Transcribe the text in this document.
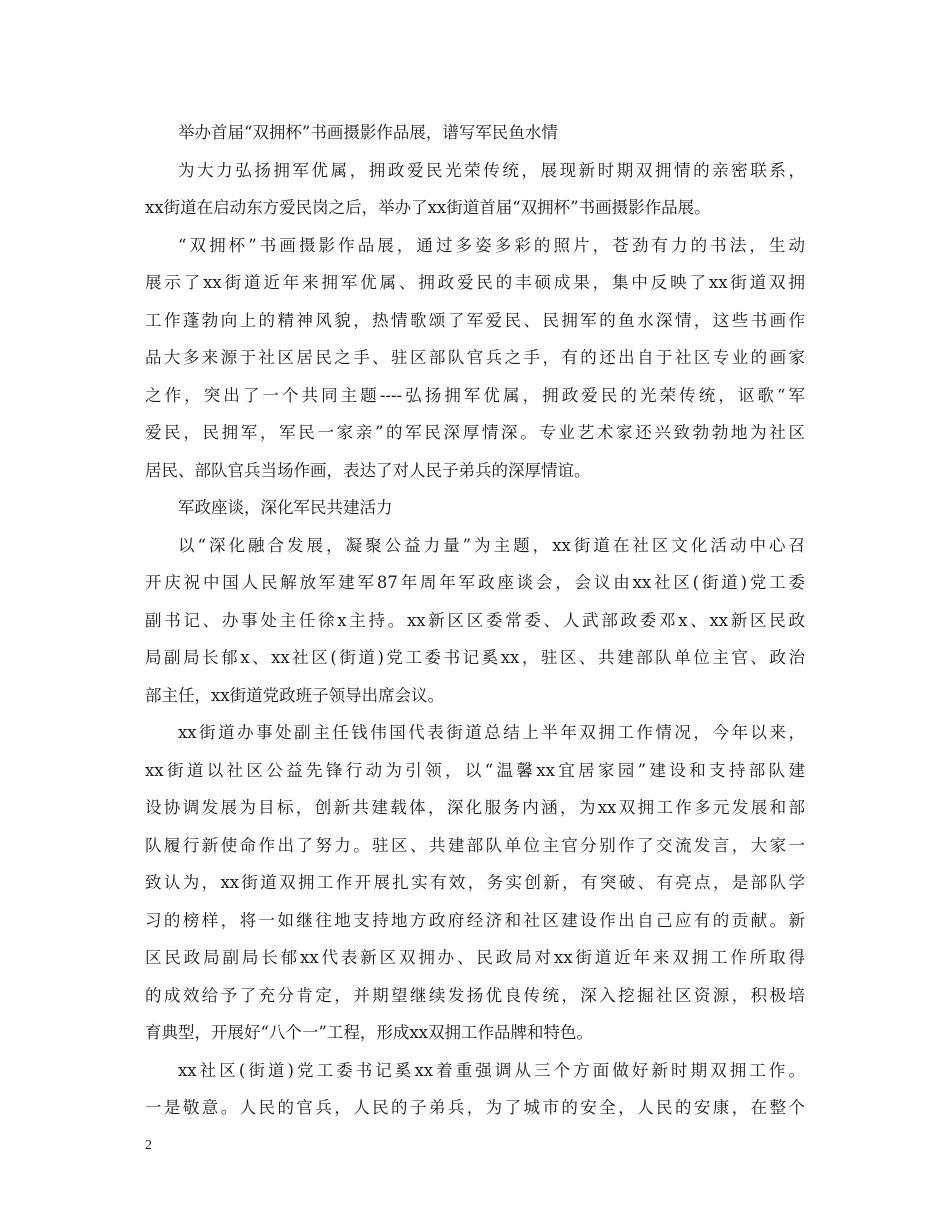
举办首届“双拥杯”书画摄影作品展，谱写军民鱼水情
为大力弘扬拥军优属，拥政爱民光荣传统，展现新时期双拥情的亲密联系，
xx街道在启动东方爱民岗之后，举办了xx街道首届“双拥杯”书画摄影作品展。
“双拥杯”书画摄影作品展，通过多姿多彩的照片，苍劲有力的书法，生动
展示了xx街道近年来拥军优属、拥政爱民的丰硕成果，集中反映了xx街道双拥
工作蓬勃向上的精神风貌，热情歌颂了军爱民、民拥军的鱼水深情，这些书画作
品大多来源于社区居民之手、驻区部队官兵之手，有的还出自于社区专业的画家
之作，突出了一个共同主题----弘扬拥军优属，拥政爱民的光荣传统，讴歌“军
爱民，民拥军，军民一家亲”的军民深厚情深。专业艺术家还兴致勃勃地为社区
居民、部队官兵当场作画，表达了对人民子弟兵的深厚情谊。
军政座谈，深化军民共建活力
以“深化融合发展，凝聚公益力量”为主题，xx街道在社区文化活动中心召
开庆祝中国人民解放军建军87年周年军政座谈会，会议由xx社区(街道)党工委
副书记、办事处主任徐x主持。xx新区区委常委、人武部政委邓x、xx新区民政
局副局长郁x、xx社区(街道)党工委书记奚xx，驻区、共建部队单位主官、政治
部主任，xx街道党政班子领导出席会议。
xx街道办事处副主任钱伟国代表街道总结上半年双拥工作情况，今年以来，
xx街道以社区公益先锋行动为引领，以“温馨xx宜居家园”建设和支持部队建
设协调发展为目标，创新共建载体，深化服务内涵，为xx双拥工作多元发展和部
队履行新使命作出了努力。驻区、共建部队单位主官分别作了交流发言，大家一
致认为，xx街道双拥工作开展扎实有效，务实创新，有突破、有亮点，是部队学
习的榜样，将一如继往地支持地方政府经济和社区建设作出自己应有的贡献。新
区民政局副局长郁xx代表新区双拥办、民政局对xx街道近年来双拥工作所取得
的成效给予了充分肯定，并期望继续发扬优良传统，深入挖掘社区资源，积极培
育典型，开展好“八个一”工程，形成xx双拥工作品牌和特色。
xx社区(街道)党工委书记奚xx着重强调从三个方面做好新时期双拥工作。
一是敬意。人民的官兵，人民的子弟兵，为了城市的安全，人民的安康，在整个
2
